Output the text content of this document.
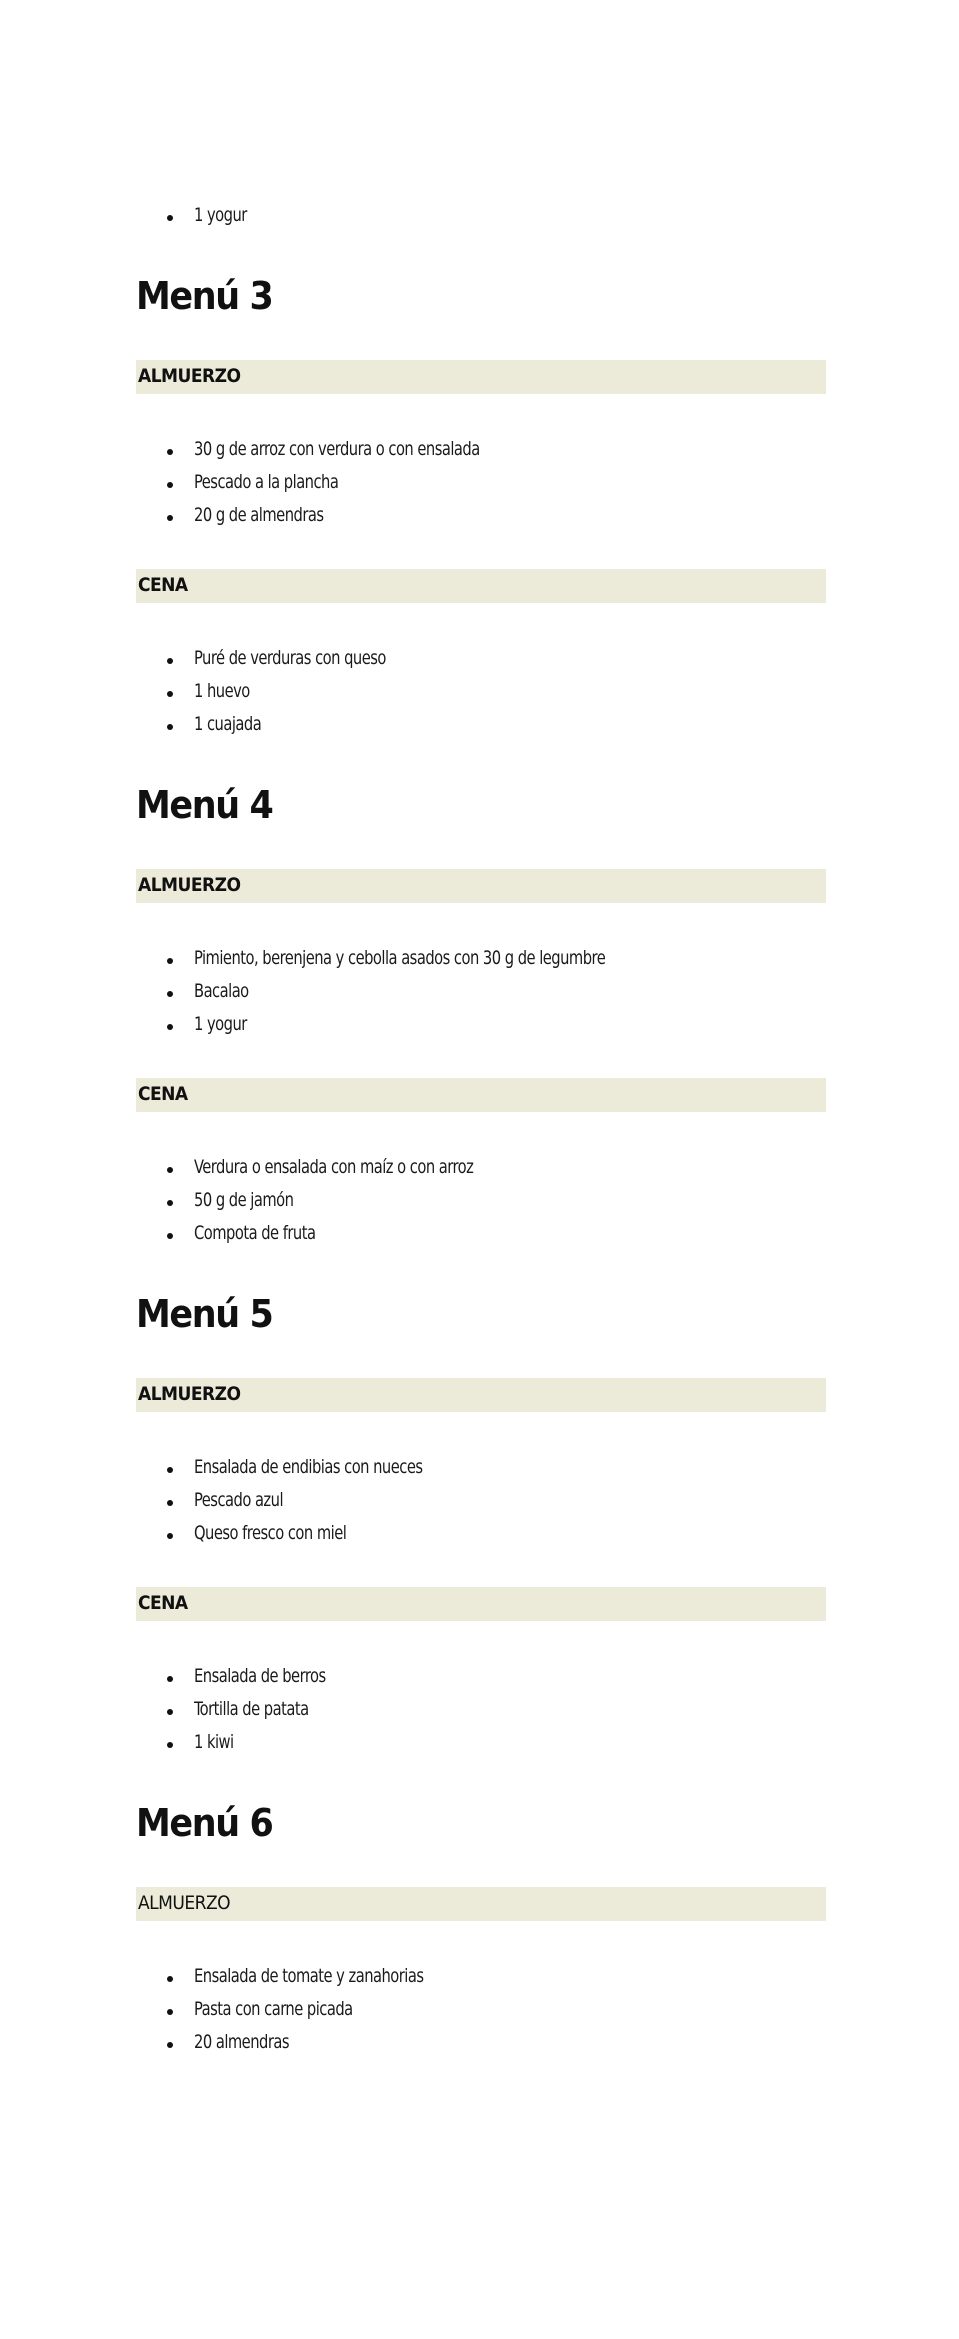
1 yogur
Menú 3
ALMUERZO
30 g de arroz con verdura o con ensalada
Pescado a la plancha
20 g de almendras
CENA
Puré de verduras con queso
1 huevo
1 cuajada
Menú 4
ALMUERZO
Pimiento, berenjena y cebolla asados con 30 g de legumbre
Bacalao
1 yogur
CENA
Verdura o ensalada con maíz o con arroz
50 g de jamón
Compota de fruta
Menú 5
ALMUERZO
Ensalada de endibias con nueces
Pescado azul
Queso fresco con miel
CENA
Ensalada de berros
Tortilla de patata
1 kiwi
Menú 6
ALMUERZO
Ensalada de tomate y zanahorias
Pasta con carne picada
20 almendras
